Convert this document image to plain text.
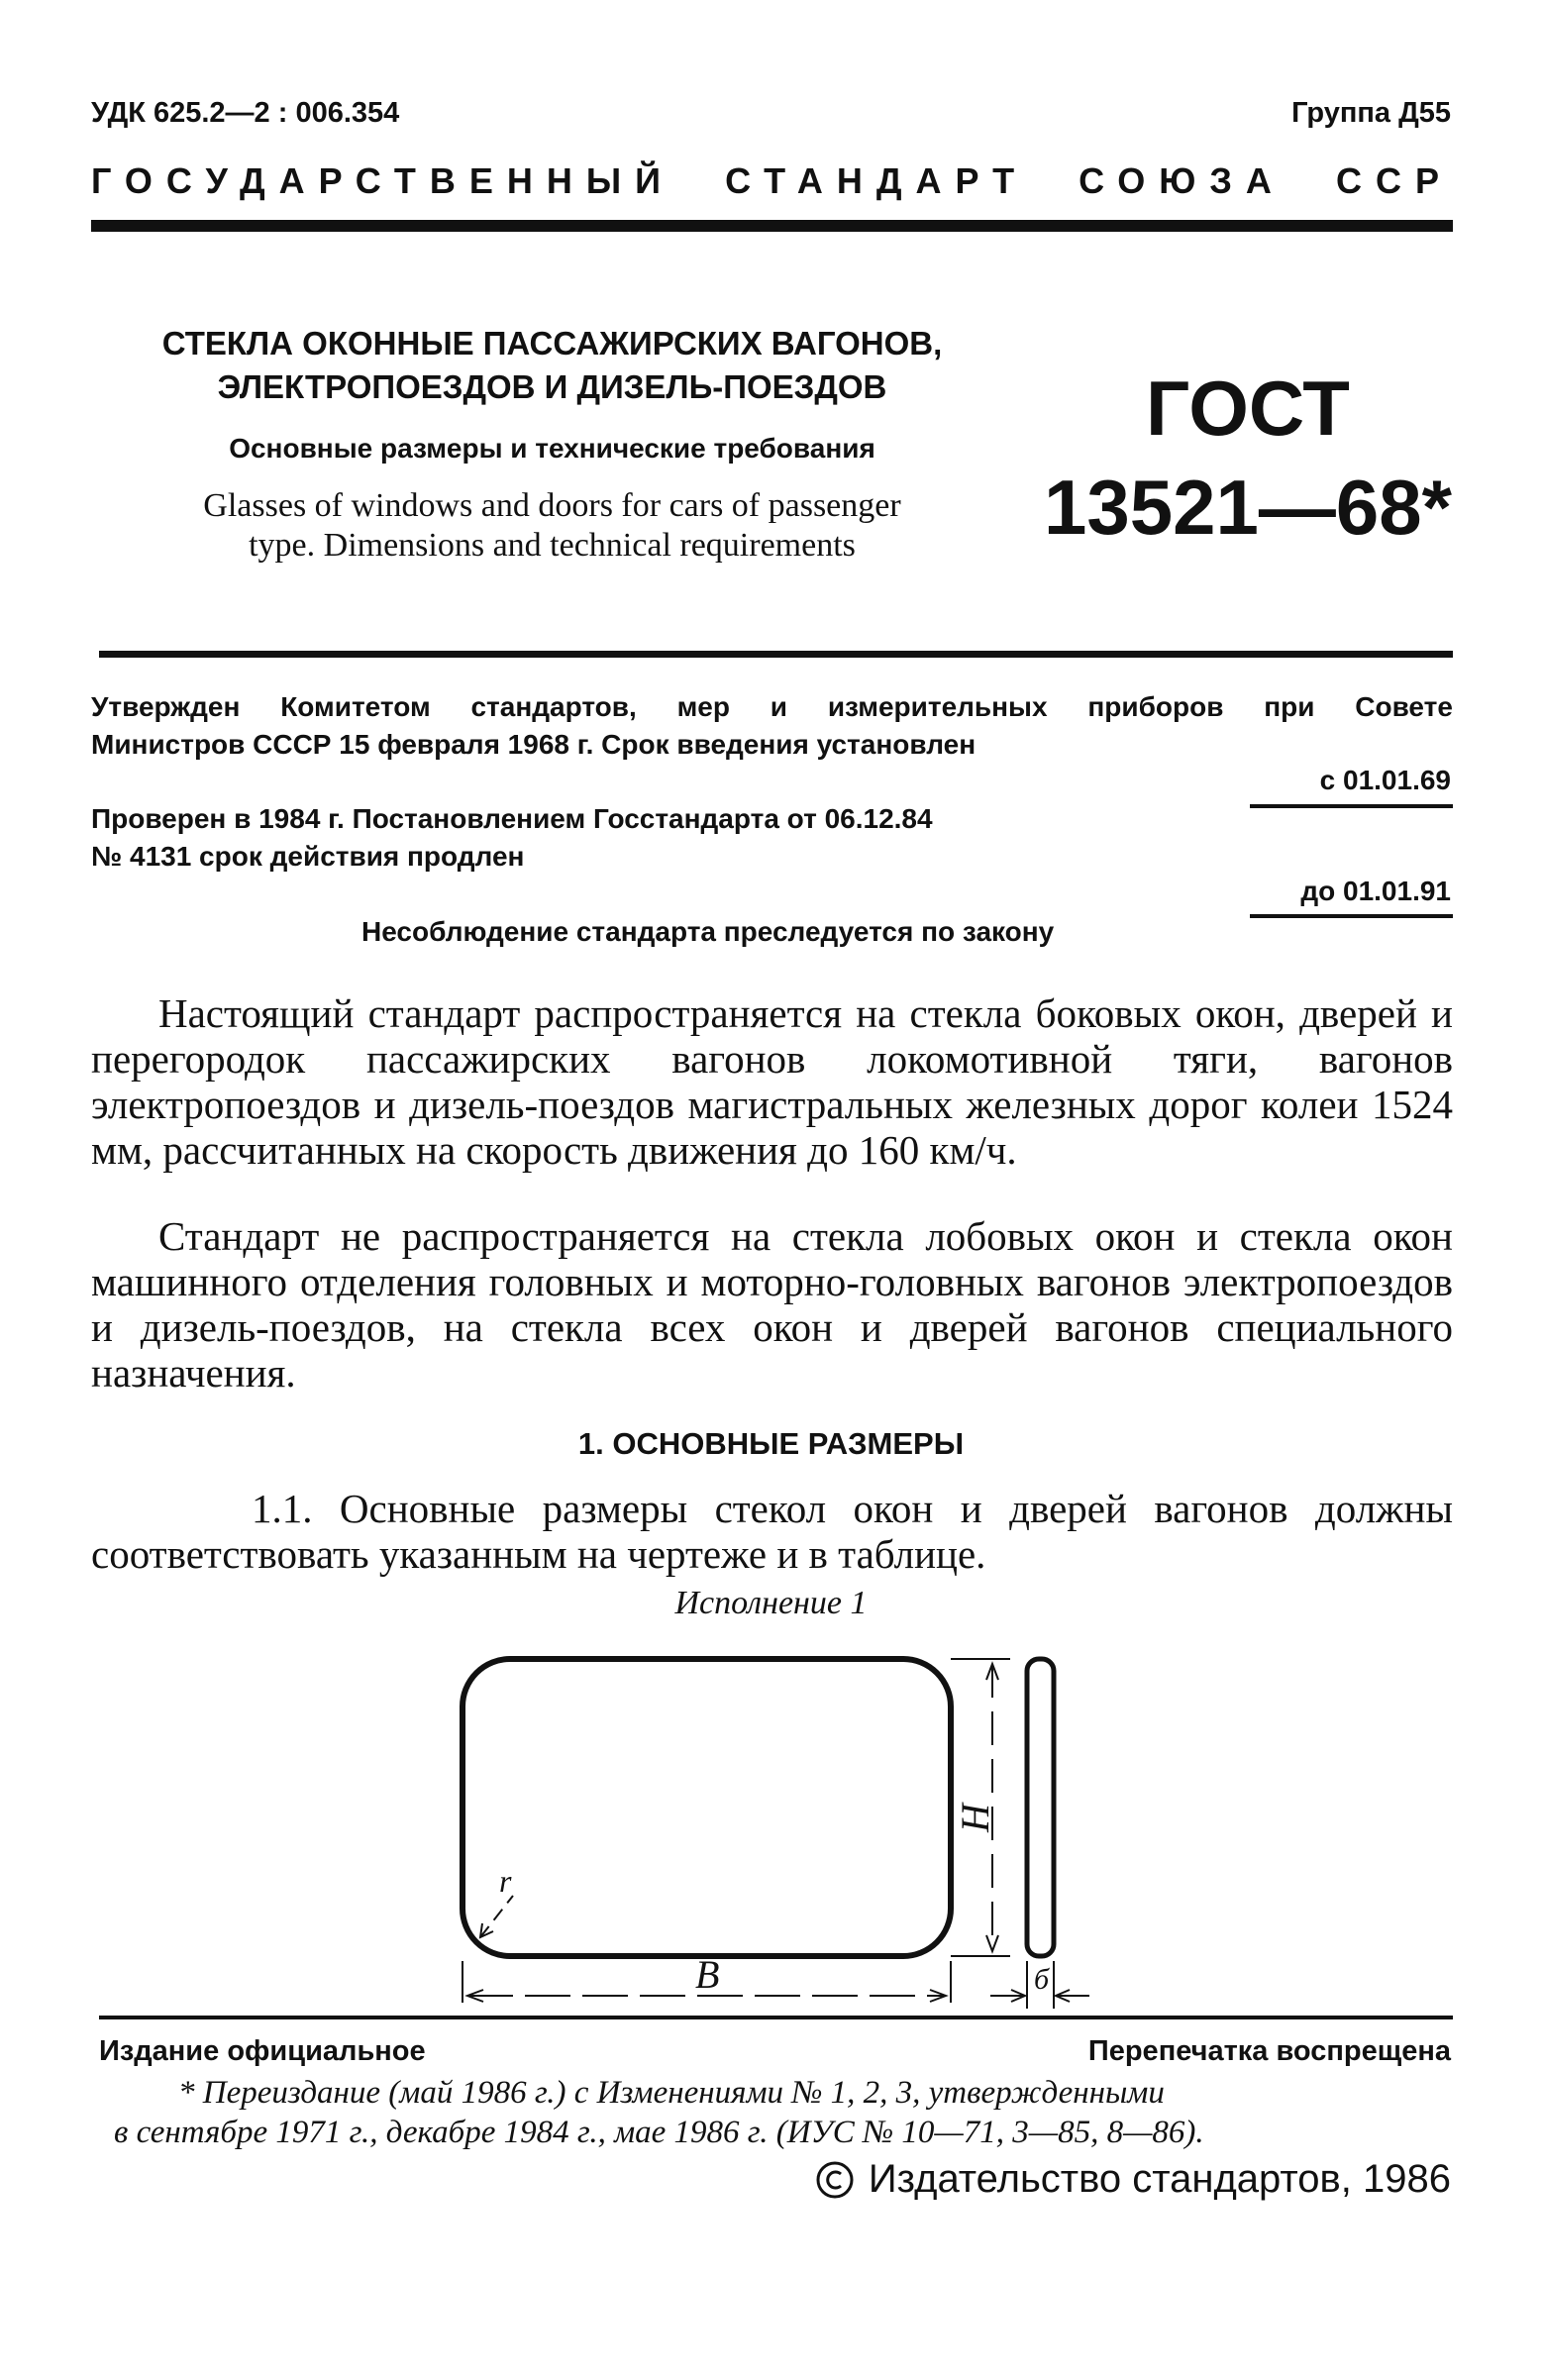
УДК 625.2—2 : 006.354	Группа Д55
ГОСУДАРСТВЕННЫЙ СТАНДАРТ СОЮЗА ССР
СТЕКЛА ОКОННЫЕ ПАССАЖИРСКИХ ВАГОНОВ,
ЭЛЕКТРОПОЕЗДОВ И ДИЗЕЛЬ-ПОЕЗДОВ
Основные размеры и технические требования
Glasses of windows and doors for cars of passenger
type. Dimensions and technical requirements
ГОСТ
13521—68*
Утвержден Комитетом стандартов, мер и измерительных приборов при Совете
Министров СССР 15 февраля 1968 г. Срок введения установлен
с 01.01.69
Проверен в 1984 г. Постановлением Госстандарта от 06.12.84
№ 4131 срок действия продлен
до 01.01.91
Несоблюдение стандарта преследуется по закону
Настоящий стандарт распространяется на стекла боковых окон, дверей и перегородок пассажирских вагонов локомотивной тяги, вагонов электропоездов и дизель-поездов магистральных железных дорог колеи 1524 мм, рассчитанных на скорость движения до 160 км/ч.
Стандарт не распространяется на стекла лобовых окон и стекла окон машинного отделения головных и моторно-головных вагонов электропоездов и дизель-поездов, на стекла всех окон и дверей вагонов специального назначения.
1. ОСНОВНЫЕ РАЗМЕРЫ
1.1. Основные размеры стекол окон и дверей вагонов должны соответствовать указанным на чертеже и в таблице.
Исполнение 1
H
B	б
r
Издание официальное	Перепечатка воспрещена
* Переиздание (май 1986 г.) с Изменениями № 1, 2, 3, утвержденными
в сентябре 1971 г., декабре 1984 г., мае 1986 г. (ИУС № 10—71, 3—85, 8—86).
Издательство стандартов, 1986
